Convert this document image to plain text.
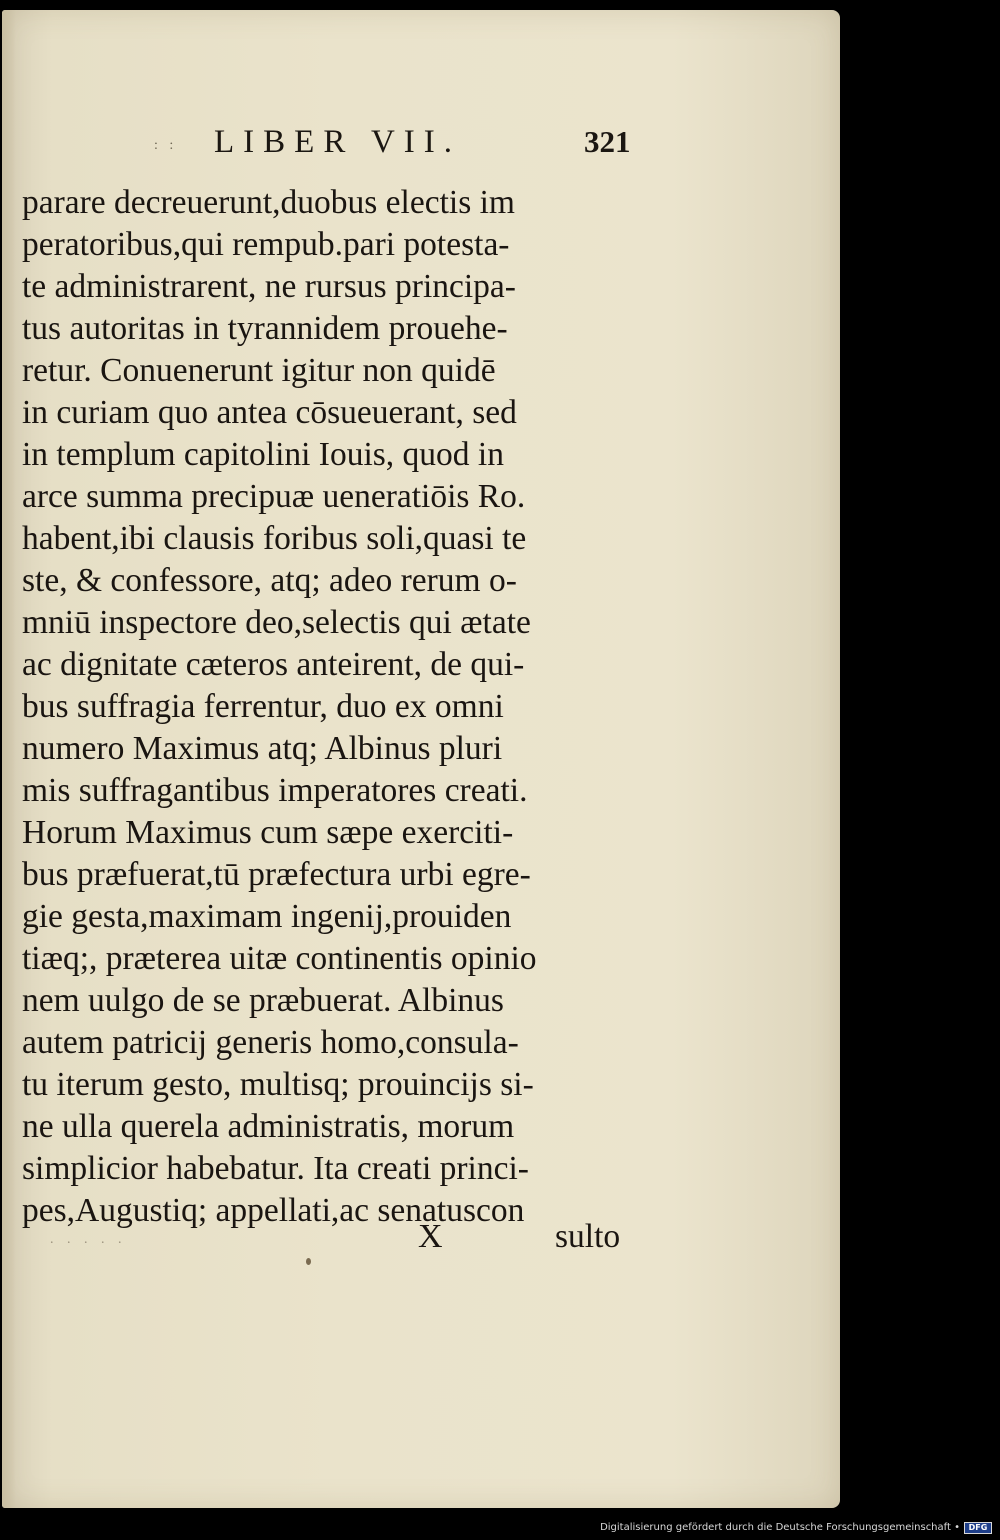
: : LIBER VII.	321
parare decreuerunt,duobus electis im
peratoribus,qui rempub.pari potesta-
te administrarent, ne rursus principa-
tus autoritas in tyrannidem prouehe-
retur. Conuenerunt igitur non quidē
in curiam quo antea cōsueuerant, sed
in templum capitolini Iouis, quod in
arce summa precipuæ ueneratiōis Ro.
habent,ibi clausis foribus soli,quasi te
ste, & confessore, atq; adeo rerum o-
mniū inspectore deo,selectis qui ætate
ac dignitate cæteros anteirent, de qui-
bus suffragia ferrentur, duo ex omni
numero Maximus atq; Albinus pluri
mis suffragantibus imperatores creati.
Horum Maximus cum sæpe exerciti-
bus præfuerat,tū præfectura urbi egre-
gie gesta,maximam ingenij,prouiden
tiæq;, præterea uitæ continentis opinio
nem uulgo de se præbuerat. Albinus
autem patricij generis homo,consula-
tu iterum gesto, multisq; prouincijs si-
ne ulla querela administratis, morum
simplicior habebatur. Ita creati princi-
pes,Augustiq; appellati,ac senatuscon
. . . . .	X	sulto
Digitalisierung gefördert durch die Deutsche Forschungsgemeinschaft •	DFG
